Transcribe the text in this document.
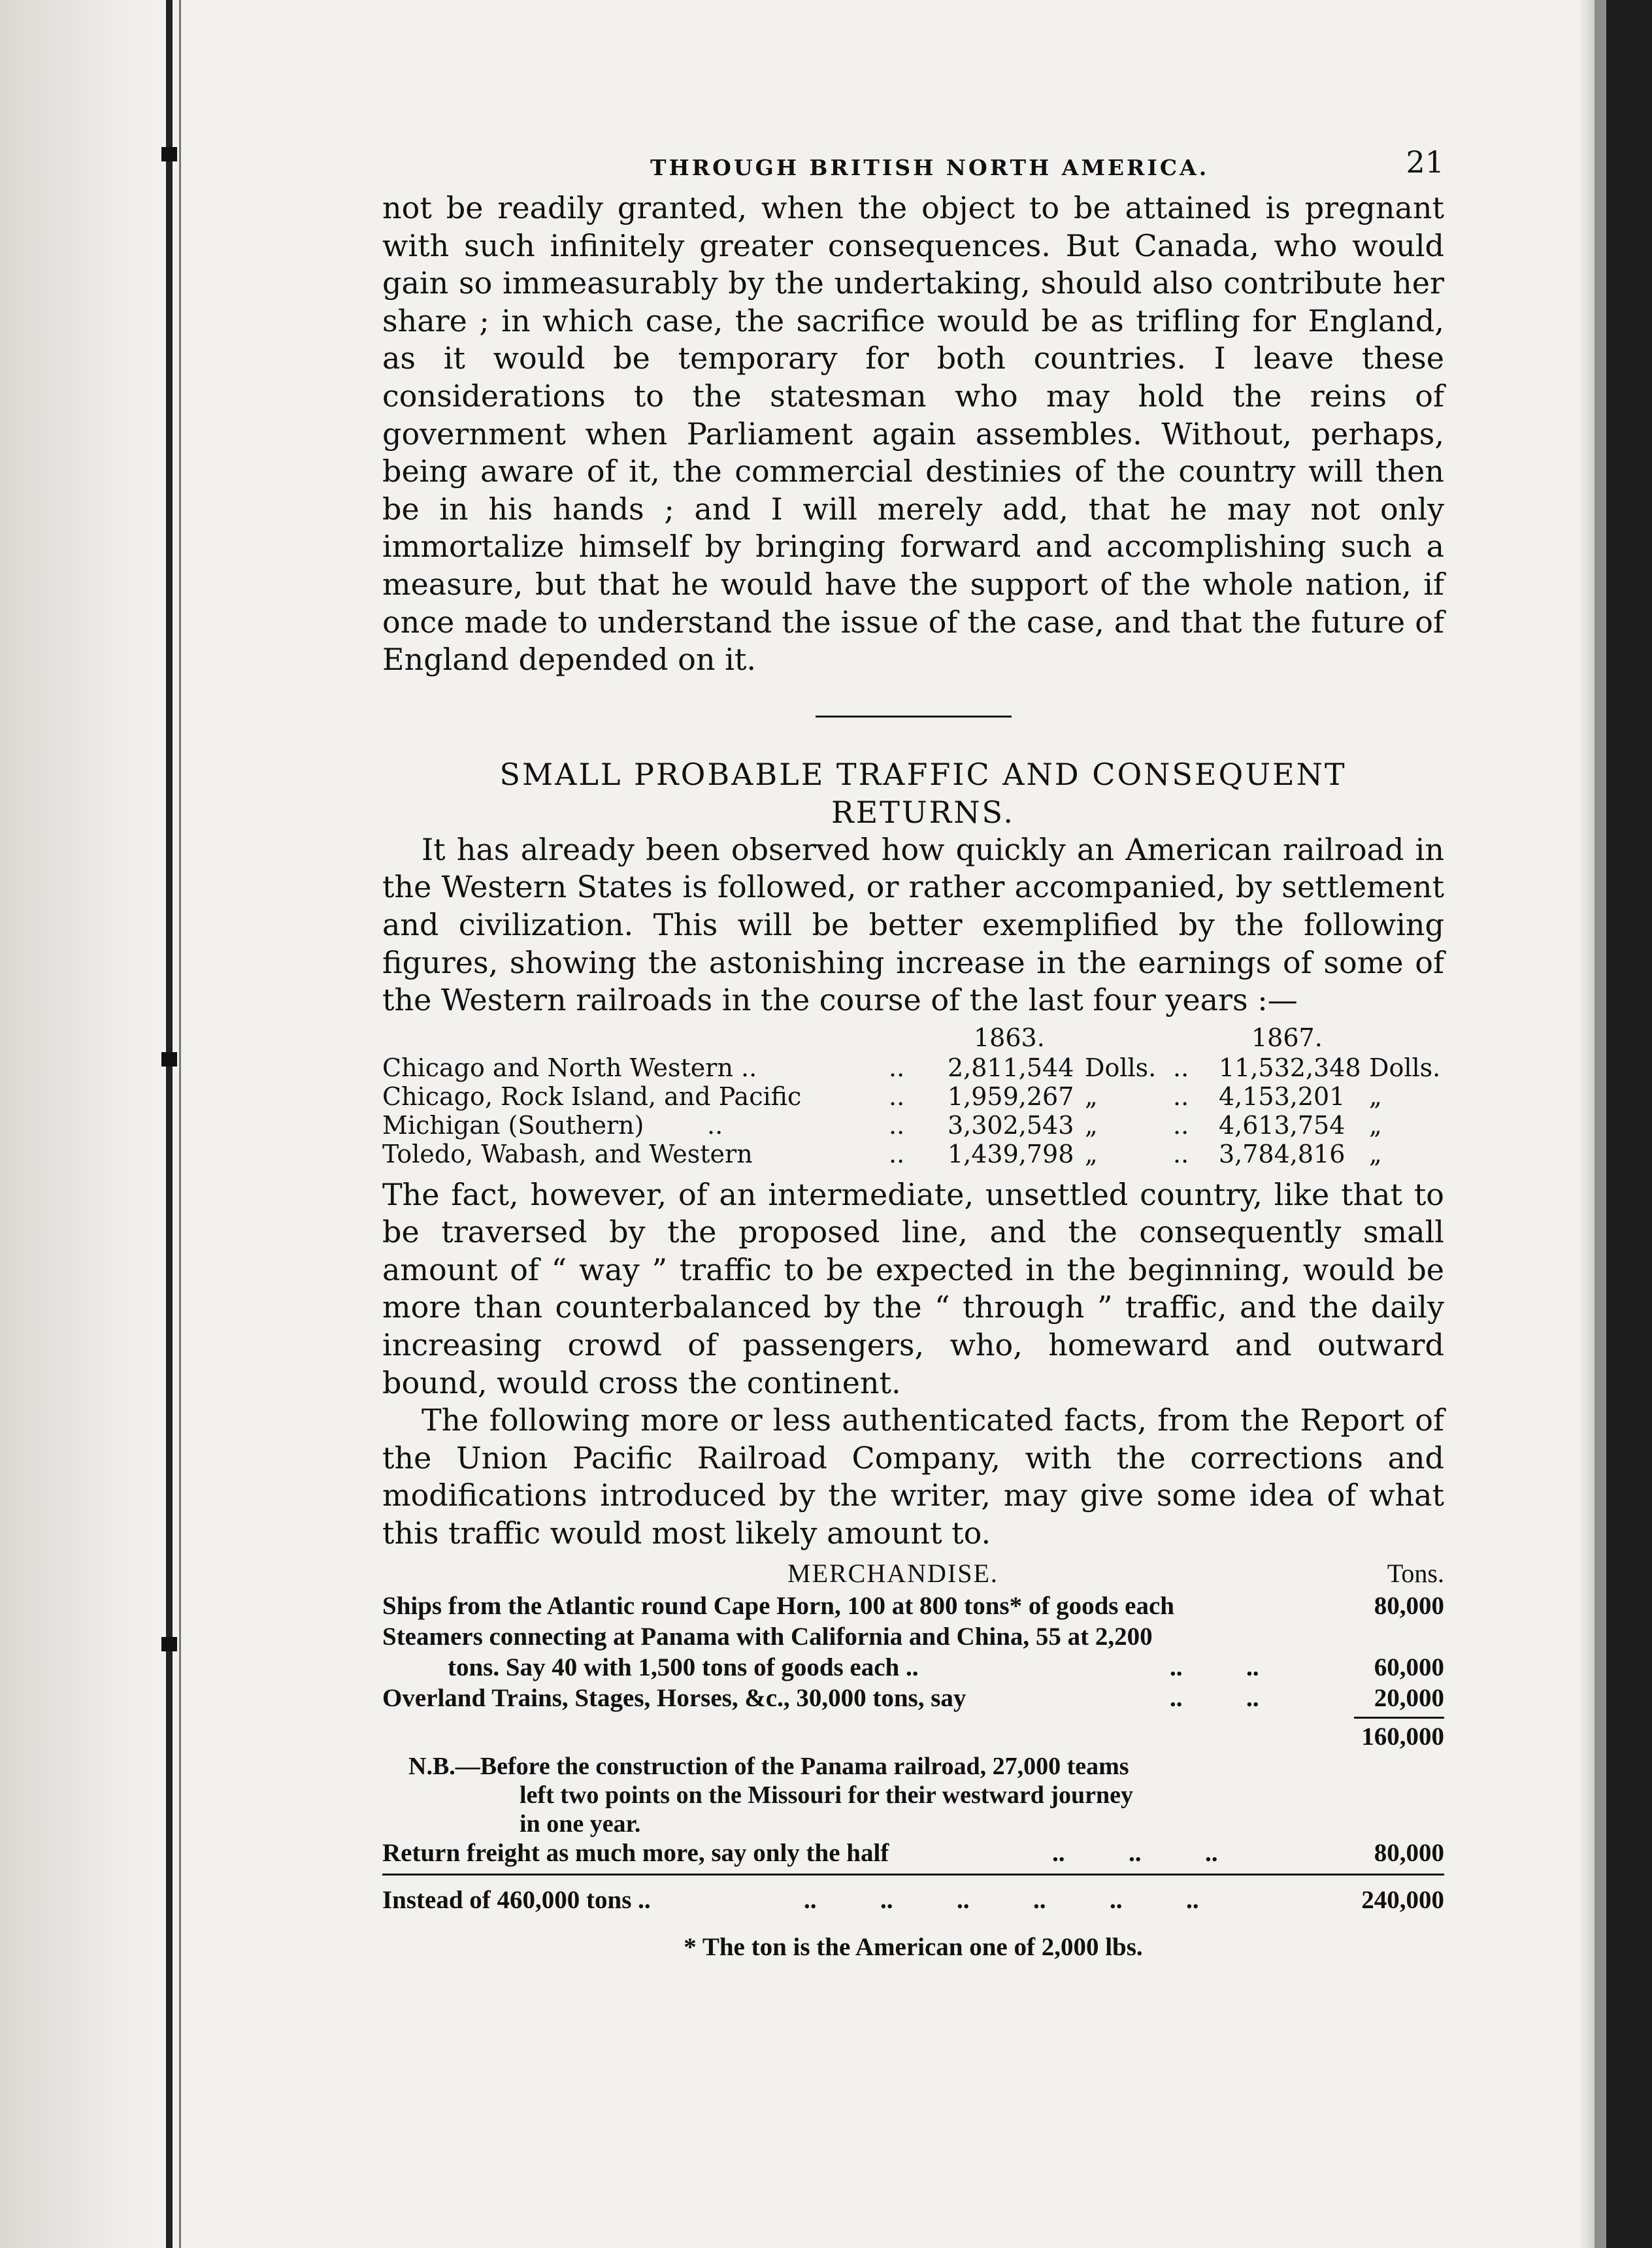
THROUGH BRITISH NORTH AMERICA.	21

not be readily granted, when the object to be attained is pregnant with such infinitely greater consequences. But Canada, who would gain so immeasurably by the undertaking, should also contribute her share ; in which case, the sacrifice would be as trifling for England, as it would be temporary for both countries. I leave these considerations to the statesman who may hold the reins of government when Parliament again assembles. Without, perhaps, being aware of it, the commercial destinies of the country will then be in his hands ; and I will merely add, that he may not only immortalize himself by bringing forward and accomplishing such a measure, but that he would have the support of the whole nation, if once made to understand the issue of the case, and that the future of England depended on it.

SMALL PROBABLE TRAFFIC AND CONSEQUENT
RETURNS.

It has already been observed how quickly an American railroad in the Western States is followed, or rather accompanied, by settlement and civilization. This will be better exemplified by the following figures, showing the astonishing increase in the earnings of some of the Western railroads in the course of the last four years :—

1863.	1867.
Chicago and North Western ..	.. 2,811,544 Dolls. .. 11,532,348 Dolls.
Chicago, Rock Island, and Pacific	.. 1,959,267 „	.. 4,153,201 „
Michigan (Southern)        ..	.. 3,302,543 „	.. 4,613,754 „
Toledo, Wabash, and Western	.. 1,439,798 „	.. 3,784,816 „

The fact, however, of an intermediate, unsettled country, like that to be traversed by the proposed line, and the consequently small amount of “ way ” traffic to be expected in the beginning, would be more than counterbalanced by the “ through ” traffic, and the daily increasing crowd of passengers, who, homeward and outward bound, would cross the continent.

The following more or less authenticated facts, from the Report of the Union Pacific Railroad Company, with the corrections and modifications introduced by the writer, may give some idea of what this traffic would most likely amount to.

MERCHANDISE.	Tons.
Ships from the Atlantic round Cape Horn, 100 at 800 tons* of goods each	80,000
Steamers connecting at Panama with California and China, 55 at 2,200
tons. Say 40 with 1,500 tons of goods each ..	..          ..	60,000
Overland Trains, Stages, Horses, &c., 30,000 tons, say	..          ..	20,000
160,000
N.B.—Before the construction of the Panama railroad, 27,000 teams
left two points on the Missouri for their westward journey
in one year.
Return freight as much more, say only the half	..          ..          ..	80,000
Instead of 460,000 tons ..	..          ..          ..          ..          ..          ..	240,000
* The ton is the American one of 2,000 lbs.
